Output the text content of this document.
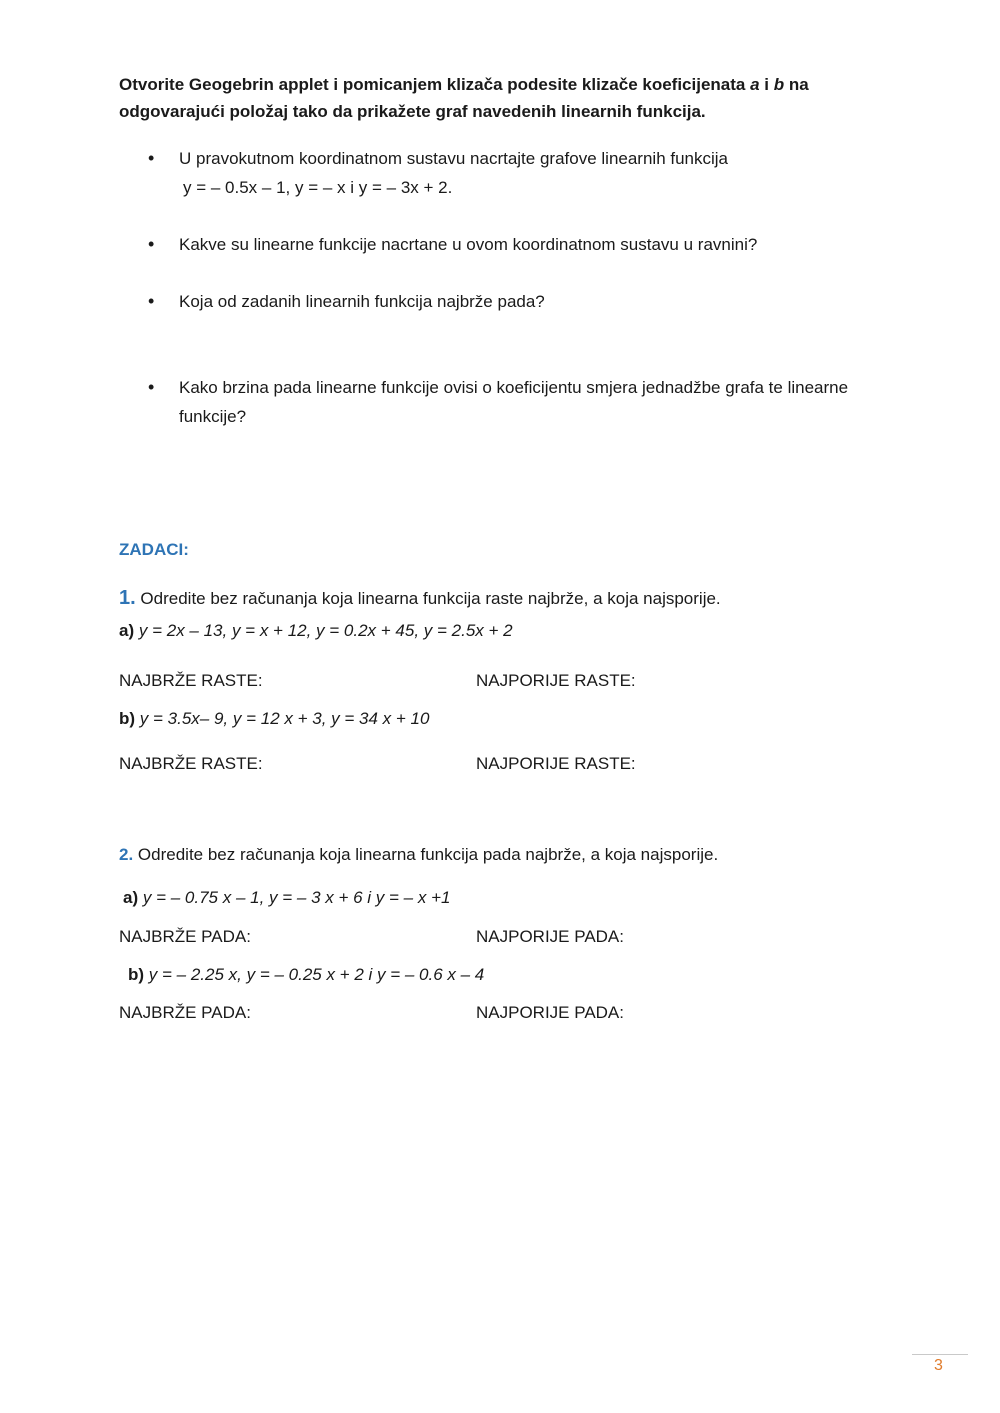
Otvorite Geogebrin applet i pomicanjem klizača podesite klizače koeficijenata a i b na odgovarajući položaj tako da prikažete graf navedenih linearnih funkcija.
• U pravokutnom koordinatnom sustavu nacrtajte grafove linearnih funkcija
y = – 0.5x – 1, y = – x i y = – 3x + 2.
• Kakve su linearne funkcije nacrtane u ovom koordinatnom sustavu u ravnini?
• Koja od zadanih linearnih funkcija najbrže pada?
• Kako brzina pada linearne funkcije ovisi o koeficijentu smjera jednadžbe grafa te linearne funkcije?
ZADACI:
1. Odredite bez računanja koja linearna funkcija raste najbrže, a koja najsporije.
a) y = 2x – 13, y = x + 12, y = 0.2x + 45, y = 2.5x + 2
NAJBRŽE RASTE:	NAJPORIJE RASTE:
b) y = 3.5x– 9, y = 12 x + 3, y = 34 x + 10
NAJBRŽE RASTE:	NAJPORIJE RASTE:
2. Odredite bez računanja koja linearna funkcija pada najbrže, a koja najsporije.
a) y = – 0.75 x – 1, y = – 3 x + 6 i y = – x +1
NAJBRŽE PADA:	NAJPORIJE PADA:
b) y = – 2.25 x, y = – 0.25 x + 2 i y = – 0.6 x – 4
NAJBRŽE PADA:	NAJPORIJE PADA:
3
